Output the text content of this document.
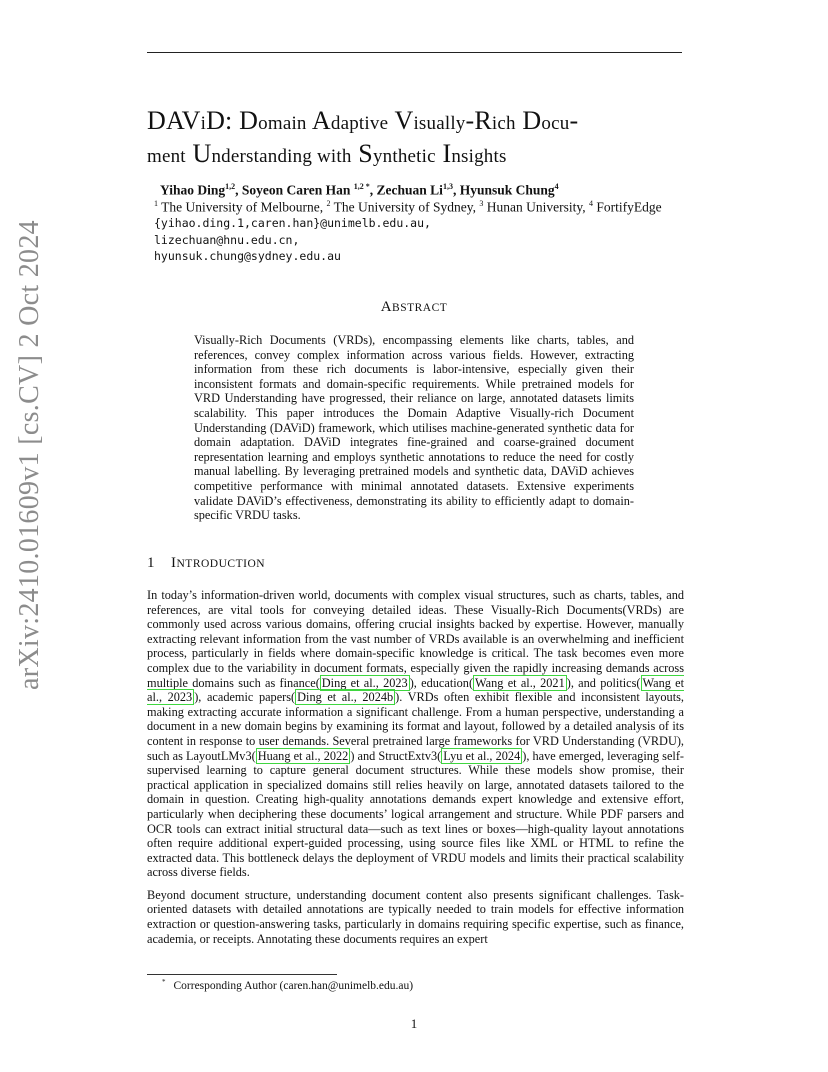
arXiv:2410.01609v1 [cs.CV] 2 Oct 2024
DAViD: Domain Adaptive Visually-Rich Docu-
ment Understanding with Synthetic Insights
Yihao Ding$^{1,2}$, Soyeon Caren Han $^{1,2 *}$, Zechuan Li$^{1,3}$, Hyunsuk Chung$^4$
$^1$ The University of Melbourne, $^2$ The University of Sydney, $^3$ Hunan University, $^4$ FortifyEdge
{yihao.ding.1,caren.han}@unimelb.edu.au,
lizechuan@hnu.edu.cn,
hyunsuk.chung@sydney.edu.au
ABSTRACT
Visually-Rich Documents (VRDs), encompassing elements like charts, tables, and references, convey complex information across various fields. However, extracting information from these rich documents is labor-intensive, especially given their inconsistent formats and domain-specific requirements. While pretrained models for VRD Understanding have progressed, their reliance on large, annotated datasets limits scalability. This paper introduces the Domain Adaptive Visually-rich Document Understanding (DAViD) framework, which utilises machine-generated synthetic data for domain adaptation. DAViD integrates fine-grained and coarse-grained document representation learning and employs synthetic annotations to reduce the need for costly manual labelling. By leveraging pretrained models and synthetic data, DAViD achieves competitive performance with minimal annotated datasets. Extensive experiments validate DAViD’s effectiveness, demonstrating its ability to efficiently adapt to domain-specific VRDU tasks.
1 INTRODUCTION

In today’s information-driven world, documents with complex visual structures, such as charts, tables, and references, are vital tools for conveying detailed ideas. These Visually-Rich Documents(VRDs) are commonly used across various domains, offering crucial insights backed by expertise. However, manually extracting relevant information from the vast number of VRDs available is an overwhelming and inefficient process, particularly in fields where domain-specific knowledge is critical. The task becomes even more complex due to the variability in document formats, especially given the rapidly increasing demands across multiple domains such as finance( Ding et al., 2023 ), education( Wang et al., 2021 ), and politics( Wang et al., 2023 ), academic papers( Ding et al., 2024b ). VRDs often exhibit flexible and inconsistent layouts, making extracting accurate information a significant challenge. From a human perspective, understanding a document in a new domain begins by examining its format and layout, followed by a detailed analysis of its content in response to user demands. Several pretrained large frameworks for VRD Understanding (VRDU), such as LayoutLMv3( Huang et al., 2022 ) and StructExtv3( Lyu et al., 2024 ), have emerged, leveraging self-supervised learning to capture general document structures. While these models show promise, their practical application in specialized domains still relies heavily on large, annotated datasets tailored to the domain in question. Creating high-quality annotations demands expert knowledge and extensive effort, particularly when deciphering these documents’ logical arrangement and structure. While PDF parsers and OCR tools can extract initial structural data—such as text lines or boxes—high-quality layout annotations often require additional expert-guided processing, using source files like XML or HTML to refine the extracted data. This bottleneck delays the deployment of VRDU models and limits their practical scalability across diverse fields.

Beyond document structure, understanding document content also presents significant challenges. Task-oriented datasets with detailed annotations are typically needed to train models for effective information extraction or question-answering tasks, particularly in domains requiring specific expertise, such as finance, academia, or receipts. Annotating these documents requires an expert

* Corresponding Author (caren.han@unimelb.edu.au)
1
